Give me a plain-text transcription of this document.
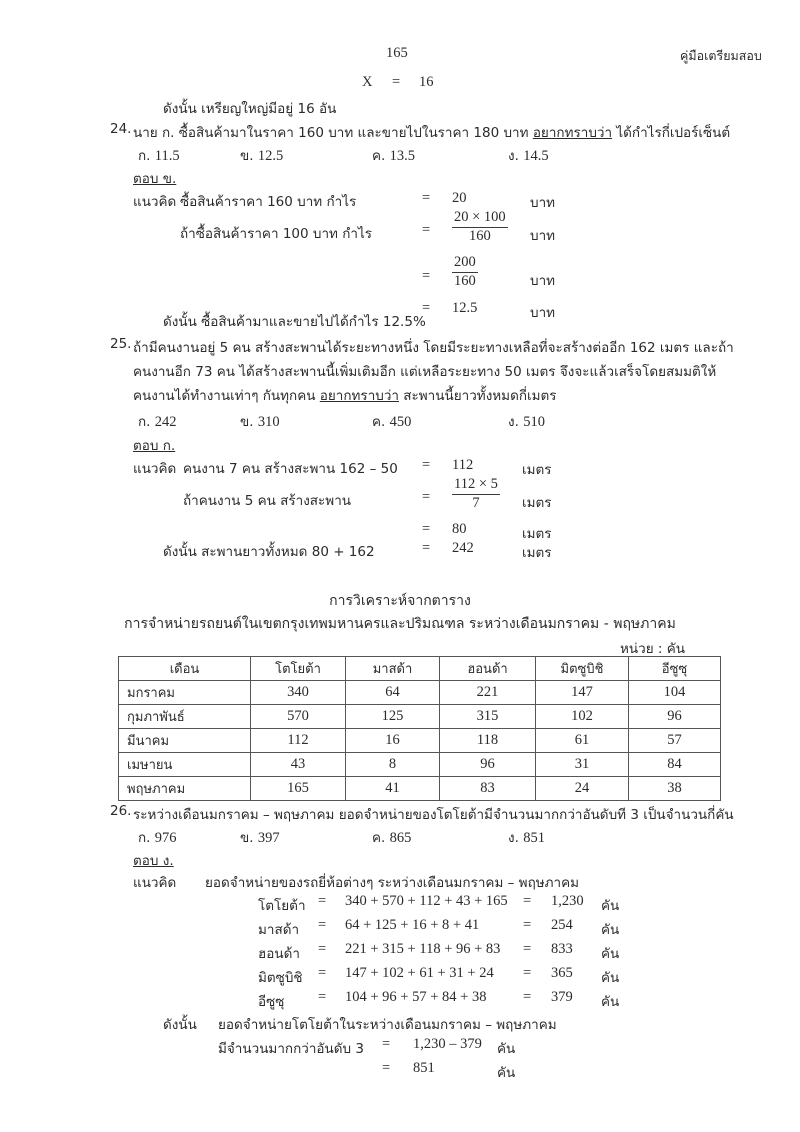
165	คู่มือเตรียมสอบ
X = 16
ดังนั้น เหรียญใหญ่มีอยู่ 16 อัน
24. นาย ก. ซื้อสินค้ามาในราคา 160 บาท และขายไปในราคา 180 บาท อยากทราบว่า ได้กำไรกี่เปอร์เซ็นต์
ก. 11.5	ข. 12.5	ค. 13.5	ง. 14.5
ตอบ ข.
แนวคิด ซื้อสินค้าราคา 160 บาท กำไร	= 20	บาท
ถ้าซื้อสินค้าราคา 100 บาท กำไร	= $\frac{20 \times 100}{160}$ บาท
= $\frac{200}{160}$	บาท
= 12.5	บาท
ดังนั้น ซื้อสินค้ามาและขายไปได้กำไร 12.5%
25. ถ้ามีคนงานอยู่ 5 คน สร้างสะพานได้ระยะทางหนึ่ง โดยมีระยะทางเหลือที่จะสร้างต่ออีก 162 เมตร และถ้า
คนงานอีก 73 คน ได้สร้างสะพานนี้เพิ่มเติมอีก แต่เหลือระยะทาง 50 เมตร จึงจะแล้วเสร็จโดยสมมติให้
คนงานได้ทำงานเท่าๆ กันทุกคน อยากทราบว่า สะพานนี้ยาวทั้งหมดกี่เมตร
ก. 242	ข. 310	ค. 450	ง. 510
ตอบ ก.
แนวคิด คนงาน 7 คน สร้างสะพาน 162 – 50 = 112	เมตร
ถ้าคนงาน 5 คน สร้างสะพาน	= $\frac{112 \times 5}{7}$ เมตร
= 80	เมตร
ดังนั้น สะพานยาวทั้งหมด 80 + 162	= 242	เมตร
การวิเคราะห์จากตาราง
การจำหน่ายรถยนต์ในเขตกรุงเทพมหานครและปริมณฑล ระหว่างเดือนมกราคม - พฤษภาคม
หน่วย : คัน
เดือน	โตโยต้า	มาสด้า	ฮอนด้า	มิตซูบิชิ	อีซูซุ
มกราคม	340	64	221	147	104
กุมภาพันธ์	570	125	315	102	96
มีนาคม	112	16	118	61	57
เมษายน	43	8	96	31	84
พฤษภาคม	165	41	83	24	38
26. ระหว่างเดือนมกราคม – พฤษภาคม ยอดจำหน่ายของโตโยต้ามีจำนวนมากกว่าอันดับที 3 เป็นจำนวนกี่คัน
ก. 976	ข. 397	ค. 865	ง. 851
ตอบ ง.
แนวคิด ยอดจำหน่ายของรถยี่ห้อต่างๆ ระหว่างเดือนมกราคม – พฤษภาคม
โตโยต้า = 340 + 570 + 112 + 43 + 165 = 1,230 คัน
มาสด้า = 64 + 125 + 16 + 8 + 41	= 254 คัน
ฮอนด้า = 221 + 315 + 118 + 96 + 83 = 833 คัน
มิตซูบิชิ = 147 + 102 + 61 + 31 + 24 = 365 คัน
อีซูซุ = 104 + 96 + 57 + 84 + 38	= 379 คัน
ดังนั้น ยอดจำหน่ายโตโยต้าในระหว่างเดือนมกราคม – พฤษภาคม
มีจำนวนมากกว่าอันดับ 3 = 1,230 – 379 คัน
= 851	คัน
